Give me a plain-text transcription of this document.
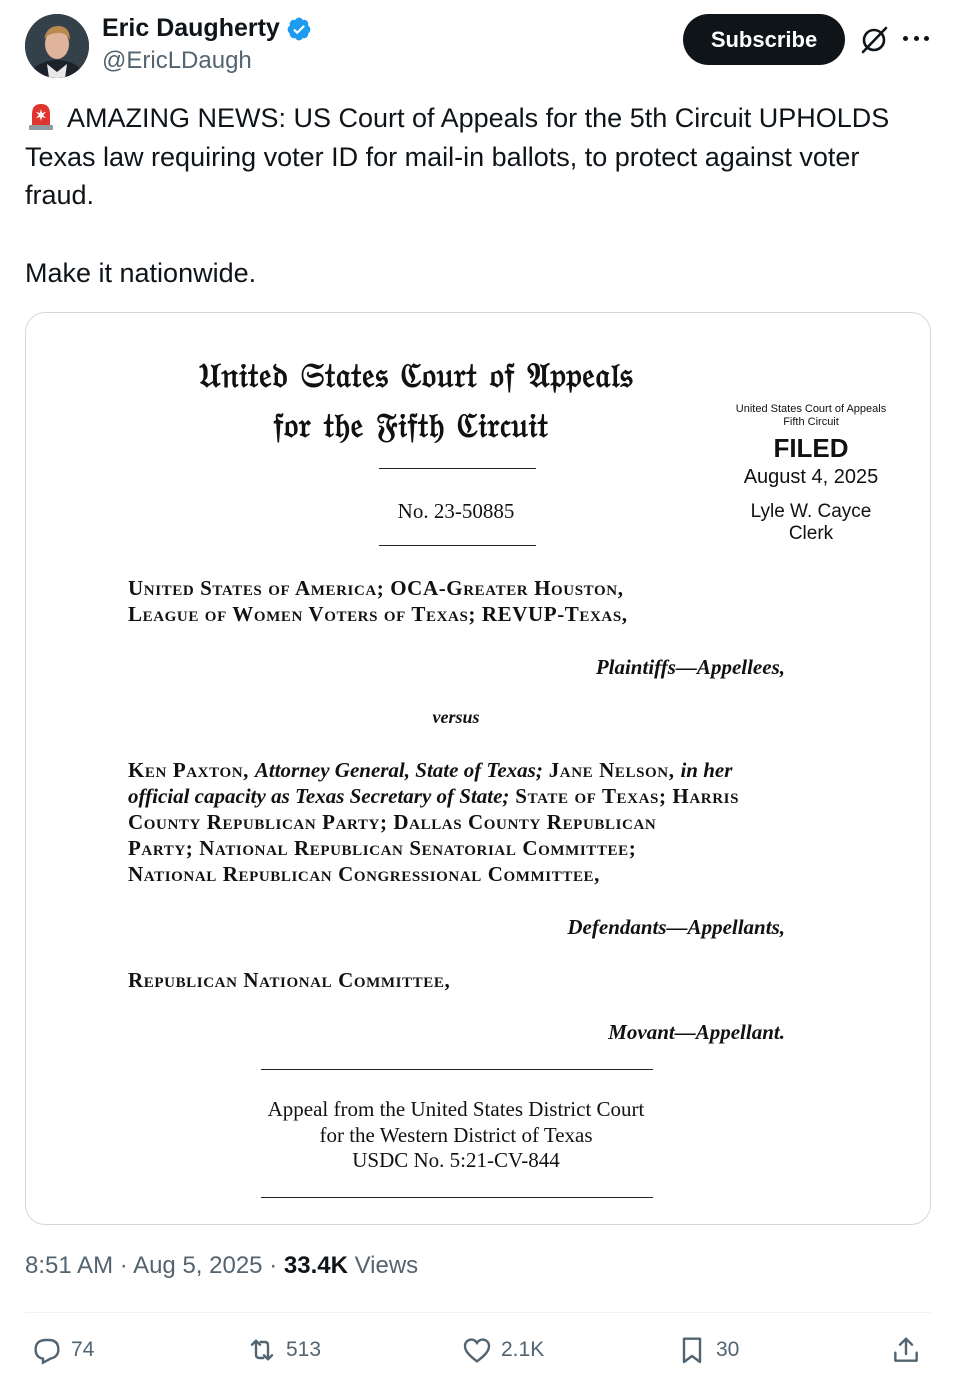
Eric Daugherty
@EricLDaugh
Subscribe

AMAZING NEWS: US Court of Appeals for the 5th Circuit UPHOLDS Texas law requiring voter ID for mail-in ballots, to protect against voter fraud.

Make it nationwide.

𝔘𝔫𝔦𝔱𝔢𝔡 𝔖𝔱𝔞𝔱𝔢𝔰 ℭ𝔬𝔲𝔯𝔱 𝔬𝔣 𝔄𝔭𝔭𝔢𝔞𝔩𝔰
𝔣𝔬𝔯 𝔱𝔥𝔢 𝔉𝔦𝔣𝔱𝔥 ℭ𝔦𝔯𝔠𝔲𝔦𝔱
No. 23-50885
United States Court of Appeals
Fifth Circuit
FILED
August 4, 2025
Lyle W. Cayce
Clerk
United States of America; OCA-Greater Houston,
League of Women Voters of Texas; REVUP-Texas,
Plaintiffs—Appellees,
versus
Ken Paxton, Attorney General, State of Texas; Jane Nelson, in her
official capacity as Texas Secretary of State; State of Texas; Harris
County Republican Party; Dallas County Republican
Party; National Republican Senatorial Committee;
National Republican Congressional Committee,
Defendants—Appellants,
Republican National Committee,
Movant—Appellant.
Appeal from the United States District Court
for the Western District of Texas
USDC No. 5:21-CV-844
8:51 AM · Aug 5, 2025 · 33.4K Views
74	513	2.1K	30
